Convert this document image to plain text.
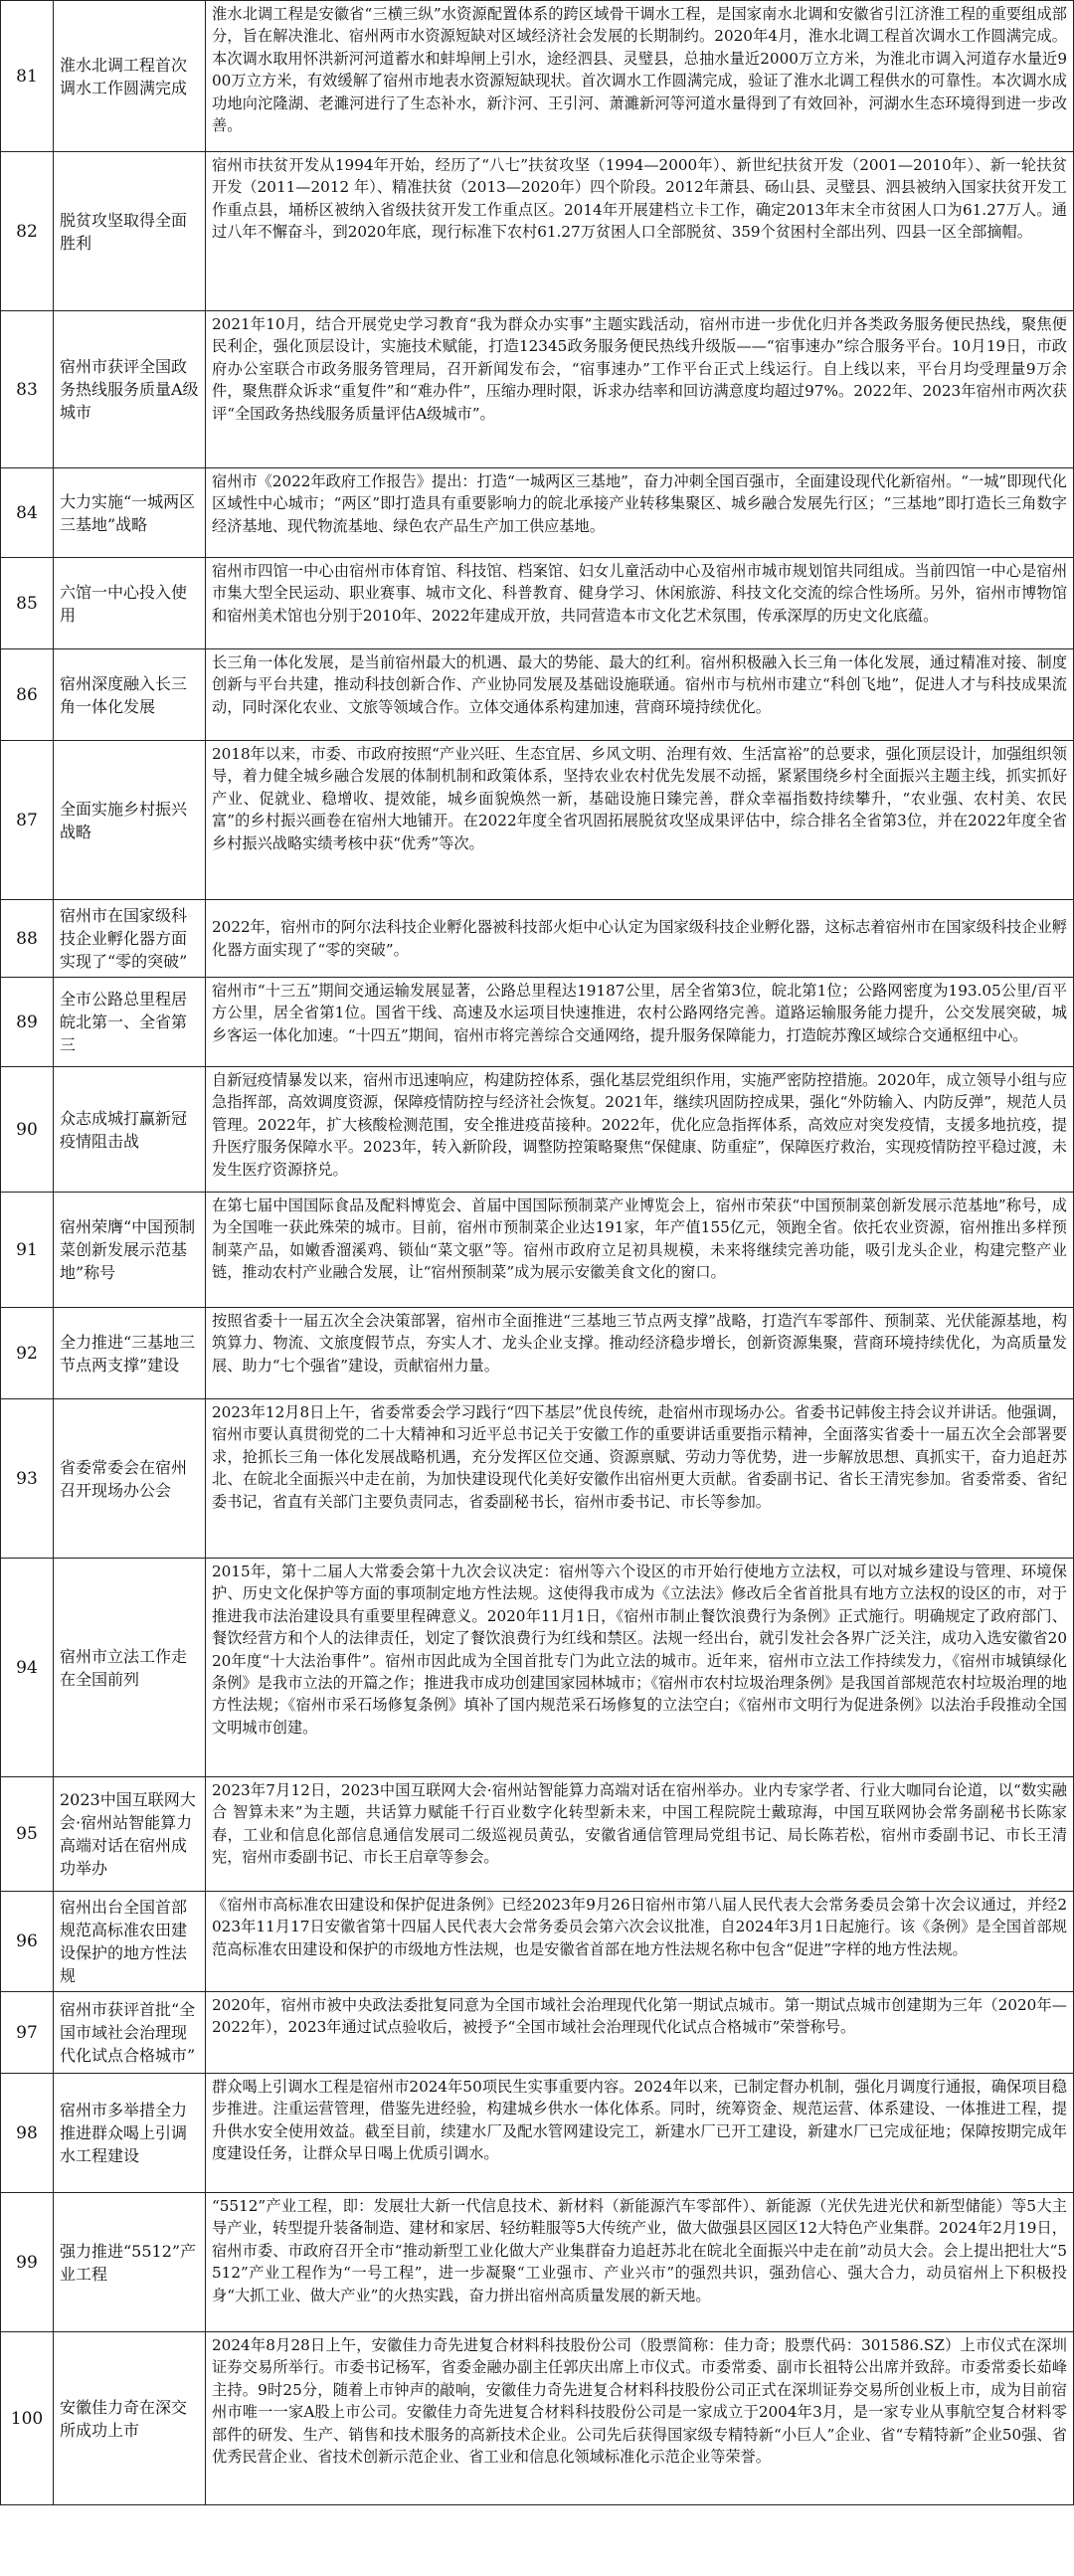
81	淮水北调工程首次调水工作圆满完成	淮水北调工程是安徽省“三横三纵”水资源配置体系的跨区域骨干调水工程，是国家南水北调和安徽省引江济淮工程的重要组成部分，旨在解决淮北、宿州两市水资源短缺对区域经济社会发展的长期制约。2020年4月，淮水北调工程首次调水工作圆满完成。本次调水取用怀洪新河河道蓄水和蚌埠闸上引水，途经泗县、灵璧县，总抽水量近2000万立方米，为淮北市调入河道存水量近900万立方米，有效缓解了宿州市地表水资源短缺现状。首次调水工作圆满完成，验证了淮水北调工程供水的可靠性。本次调水成功地向沱隆湖、老濉河进行了生态补水，新汴河、王引河、萧濉新河等河道水量得到了有效回补，河湖水生态环境得到进一步改善。
82	脱贫攻坚取得全面胜利	宿州市扶贫开发从1994年开始，经历了“八七”扶贫攻坚（1994—2000年）、新世纪扶贫开发（2001—2010年）、新一轮扶贫开发（2011—2012 年）、精准扶贫（2013—2020年）四个阶段。2012年萧县、砀山县、灵璧县、泗县被纳入国家扶贫开发工作重点县，埇桥区被纳入省级扶贫开发工作重点区。2014年开展建档立卡工作，确定2013年末全市贫困人口为61.27万人。通过八年不懈奋斗，到2020年底，现行标准下农村61.27万贫困人口全部脱贫、359个贫困村全部出列、四县一区全部摘帽。
83	宿州市获评全国政务热线服务质量A级城市	2021年10月，结合开展党史学习教育“我为群众办实事”主题实践活动，宿州市进一步优化归并各类政务服务便民热线，聚焦便民利企，强化顶层设计，实施技术赋能，打造12345政务服务便民热线升级版——“宿事速办”综合服务平台。10月19日，市政府办公室联合市政务服务管理局，召开新闻发布会，“宿事速办”工作平台正式上线运行。自上线以来，平台月均受理量9万余件，聚焦群众诉求“重复件”和“难办件”，压缩办理时限，诉求办结率和回访满意度均超过97%。2022年、2023年宿州市两次获评“全国政务热线服务质量评估A级城市”。
84	大力实施“一城两区三基地”战略	宿州市《2022年政府工作报告》提出：打造“一城两区三基地”，奋力冲刺全国百强市，全面建设现代化新宿州。“一城”即现代化区域性中心城市；“两区”即打造具有重要影响力的皖北承接产业转移集聚区、城乡融合发展先行区；“三基地”即打造长三角数字经济基地、现代物流基地、绿色农产品生产加工供应基地。
85	六馆一中心投入使用	宿州市四馆一中心由宿州市体育馆、科技馆、档案馆、妇女儿童活动中心及宿州市城市规划馆共同组成。当前四馆一中心是宿州市集大型全民运动、职业赛事、城市文化、科普教育、健身学习、休闲旅游、科技文化交流的综合性场所。另外，宿州市博物馆和宿州美术馆也分别于2010年、2022年建成开放，共同营造本市文化艺术氛围，传承深厚的历史文化底蕴。
86	宿州深度融入长三角一体化发展	长三角一体化发展，是当前宿州最大的机遇、最大的势能、最大的红利。宿州积极融入长三角一体化发展，通过精准对接、制度创新与平台共建，推动科技创新合作、产业协同发展及基础设施联通。宿州市与杭州市建立“科创飞地”，促进人才与科技成果流动，同时深化农业、文旅等领域合作。立体交通体系构建加速，营商环境持续优化。
87	全面实施乡村振兴战略	2018年以来，市委、市政府按照“产业兴旺、生态宜居、乡风文明、治理有效、生活富裕”的总要求，强化顶层设计，加强组织领导，着力健全城乡融合发展的体制机制和政策体系，坚持农业农村优先发展不动摇，紧紧围绕乡村全面振兴主题主线，抓实抓好产业、促就业、稳增收、提效能，城乡面貌焕然一新，基础设施日臻完善，群众幸福指数持续攀升，“农业强、农村美、农民富”的乡村振兴画卷在宿州大地铺开。在2022年度全省巩固拓展脱贫攻坚成果评估中，综合排名全省第3位，并在2022年度全省乡村振兴战略实绩考核中获“优秀”等次。
88	宿州市在国家级科技企业孵化器方面实现了“零的突破”	2022年，宿州市的阿尔法科技企业孵化器被科技部火炬中心认定为国家级科技企业孵化器，这标志着宿州市在国家级科技企业孵化器方面实现了“零的突破”。
89	全市公路总里程居皖北第一、全省第三	宿州市“十三五”期间交通运输发展显著，公路总里程达19187公里，居全省第3位，皖北第1位；公路网密度为193.05公里/百平方公里，居全省第1位。国省干线、高速及水运项目快速推进，农村公路网络完善。道路运输服务能力提升，公交发展突破，城乡客运一体化加速。“十四五”期间，宿州市将完善综合交通网络，提升服务保障能力，打造皖苏豫区域综合交通枢纽中心。
90	众志成城打赢新冠疫情阻击战	自新冠疫情暴发以来，宿州市迅速响应，构建防控体系，强化基层党组织作用，实施严密防控措施。2020年，成立领导小组与应急指挥部，高效调度资源，保障疫情防控与经济社会恢复。2021年，继续巩固防控成果，强化“外防输入、内防反弹”，规范人员管理。2022年，扩大核酸检测范围，安全推进疫苗接种。2022年，优化应急指挥体系，高效应对突发疫情，支援多地抗疫，提升医疗服务保障水平。2023年，转入新阶段，调整防控策略聚焦“保健康、防重症”，保障医疗救治，实现疫情防控平稳过渡，未发生医疗资源挤兑。
91	宿州荣膺“中国预制菜创新发展示范基地”称号	在第七届中国国际食品及配料博览会、首届中国国际预制菜产业博览会上，宿州市荣获“中国预制菜创新发展示范基地”称号，成为全国唯一获此殊荣的城市。目前，宿州市预制菜企业达191家，年产值155亿元，领跑全省。依托农业资源，宿州推出多样预制菜产品，如嫩香溜溪鸡、锁仙“菜文驱”等。宿州市政府立足初具规模，未来将继续完善功能，吸引龙头企业，构建完整产业链，推动农村产业融合发展，让“宿州预制菜”成为展示安徽美食文化的窗口。
92	全力推进“三基地三节点两支撑”建设	按照省委十一届五次全会决策部署，宿州市全面推进“三基地三节点两支撑”战略，打造汽车零部件、预制菜、光伏能源基地，构筑算力、物流、文旅度假节点，夯实人才、龙头企业支撑。推动经济稳步增长，创新资源集聚，营商环境持续优化，为高质量发展、助力“七个强省”建设，贡献宿州力量。
93	省委常委会在宿州召开现场办公会	2023年12月8日上午，省委常委会学习践行“四下基层”优良传统，赴宿州市现场办公。省委书记韩俊主持会议并讲话。他强调，宿州市要认真贯彻党的二十大精神和习近平总书记关于安徽工作的重要讲话重要指示精神，全面落实省委十一届五次全会部署要求，抢抓长三角一体化发展战略机遇，充分发挥区位交通、资源禀赋、劳动力等优势，进一步解放思想、真抓实干，奋力追赶苏北、在皖北全面振兴中走在前，为加快建设现代化美好安徽作出宿州更大贡献。省委副书记、省长王清宪参加。省委常委、省纪委书记，省直有关部门主要负责同志，省委副秘书长，宿州市委书记、市长等参加。
94	宿州市立法工作走在全国前列	2015年，第十二届人大常委会第十九次会议决定：宿州等六个设区的市开始行使地方立法权，可以对城乡建设与管理、环境保护、历史文化保护等方面的事项制定地方性法规。这使得我市成为《立法法》修改后全省首批具有地方立法权的设区的市，对于推进我市法治建设具有重要里程碑意义。2020年11月1日，《宿州市制止餐饮浪费行为条例》正式施行。明确规定了政府部门、餐饮经营方和个人的法律责任，划定了餐饮浪费行为红线和禁区。法规一经出台，就引发社会各界广泛关注，成功入选安徽省2020年度“十大法治事件”。宿州市因此成为全国首批专门为此立法的城市。近年来，宿州市立法工作持续发力，《宿州市城镇绿化条例》是我市立法的开篇之作；推进我市成功创建国家园林城市；《宿州市农村垃圾治理条例》是我国首部规范农村垃圾治理的地方性法规；《宿州市采石场修复条例》填补了国内规范采石场修复的立法空白；《宿州市文明行为促进条例》以法治手段推动全国文明城市创建。
95	2023中国互联网大会·宿州站智能算力高端对话在宿州成功举办	2023年7月12日，2023中国互联网大会·宿州站智能算力高端对话在宿州举办。业内专家学者、行业大咖同台论道，以“数实融合 智算未来”为主题，共话算力赋能千行百业数字化转型新未来，中国工程院院士戴琼海，中国互联网协会常务副秘书长陈家春，工业和信息化部信息通信发展司二级巡视员黄弘，安徽省通信管理局党组书记、局长陈若松，宿州市委副书记、市长王清宪，宿州市委副书记、市长王启章等参会。
96	宿州出台全国首部规范高标准农田建设保护的地方性法规	《宿州市高标准农田建设和保护促进条例》已经2023年9月26日宿州市第八届人民代表大会常务委员会第十次会议通过，并经2023年11月17日安徽省第十四届人民代表大会常务委员会第六次会议批准，自2024年3月1日起施行。该《条例》是全国首部规范高标准农田建设和保护的市级地方性法规，也是安徽省首部在地方性法规名称中包含“促进”字样的地方性法规。
97	宿州市获评首批“全国市域社会治理现代化试点合格城市”	2020年，宿州市被中央政法委批复同意为全国市域社会治理现代化第一期试点城市。第一期试点城市创建期为三年（2020年—2022年），2023年通过试点验收后，被授予“全国市域社会治理现代化试点合格城市”荣誉称号。
98	宿州市多举措全力推进群众喝上引调水工程建设	群众喝上引调水工程是宿州市2024年50项民生实事重要内容。2024年以来，已制定督办机制，强化月调度行通报，确保项目稳步推进。注重运营管理，借鉴先进经验，构建城乡供水一体化体系。同时，统筹资金、规范运营、体系建设、一体推进工程，提升供水安全使用效益。截至目前，续建水厂及配水管网建设完工，新建水厂已开工建设，新建水厂已完成征地；保障按期完成年度建设任务，让群众早日喝上优质引调水。
99	强力推进“5512”产业工程	“5512”产业工程，即：发展壮大新一代信息技术、新材料（新能源汽车零部件）、新能源（光伏先进光伏和新型储能）等5大主导产业，转型提升装备制造、建材和家居、轻纺鞋服等5大传统产业，做大做强县区园区12大特色产业集群。2024年2月19日，宿州市委、市政府召开全市“推动新型工业化做大产业集群奋力追赶苏北在皖北全面振兴中走在前”动员大会。会上提出把壮大“5512”产业工程作为“一号工程”，进一步凝聚“工业强市、产业兴市”的强烈共识，强劲信心、强大合力，动员宿州上下积极投身“大抓工业、做大产业”的火热实践，奋力拼出宿州高质量发展的新天地。
100	安徽佳力奇在深交所成功上市	2024年8月28日上午，安徽佳力奇先进复合材料科技股份公司（股票简称：佳力奇；股票代码：301586.SZ）上市仪式在深圳证券交易所举行。市委书记杨军，省委金融办副主任郭庆出席上市仪式。市委常委、副市长祖特公出席并致辞。市委常委长茹峰主持。9时25分，随着上市钟声的敲响，安徽佳力奇先进复合材料科技股份公司正式在深圳证券交易所创业板上市，成为目前宿州市唯一一家A股上市公司。安徽佳力奇先进复合材料科技股份公司是一家成立于2004年3月，是一家专业从事航空复合材料零部件的研发、生产、销售和技术服务的高新技术企业。公司先后获得国家级专精特新“小巨人”企业、省“专精特新”企业50强、省优秀民营企业、省技术创新示范企业、省工业和信息化领域标准化示范企业等荣誉。
